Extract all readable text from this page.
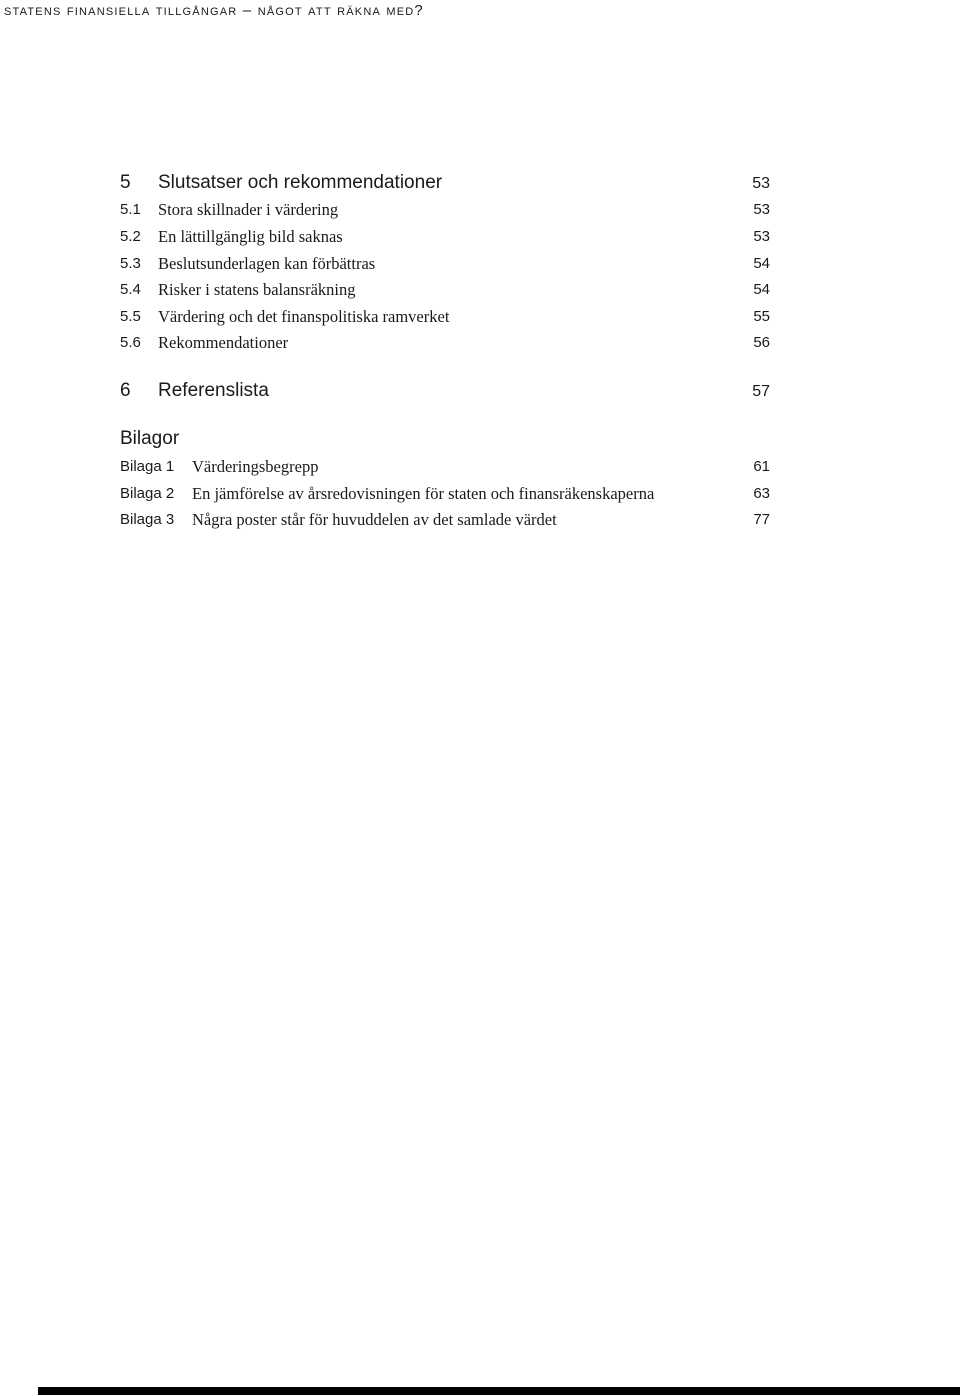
statens finansiella tillgångar – något att räkna med?
5 Slutsatser och rekommendationer	53
5.1 Stora skillnader i värdering	53
5.2 En lättillgänglig bild saknas	53
5.3 Beslutsunderlagen kan förbättras	54
5.4 Risker i statens balansräkning	54
5.5 Värdering och det finanspolitiska ramverket	55
5.6 Rekommendationer	56
6 Referenslista	57
Bilagor
Bilaga 1 Värderingsbegrepp	61
Bilaga 2 En jämförelse av årsredovisningen för staten och finansräkenskaperna	63
Bilaga 3 Några poster står för huvuddelen av det samlade värdet	77
